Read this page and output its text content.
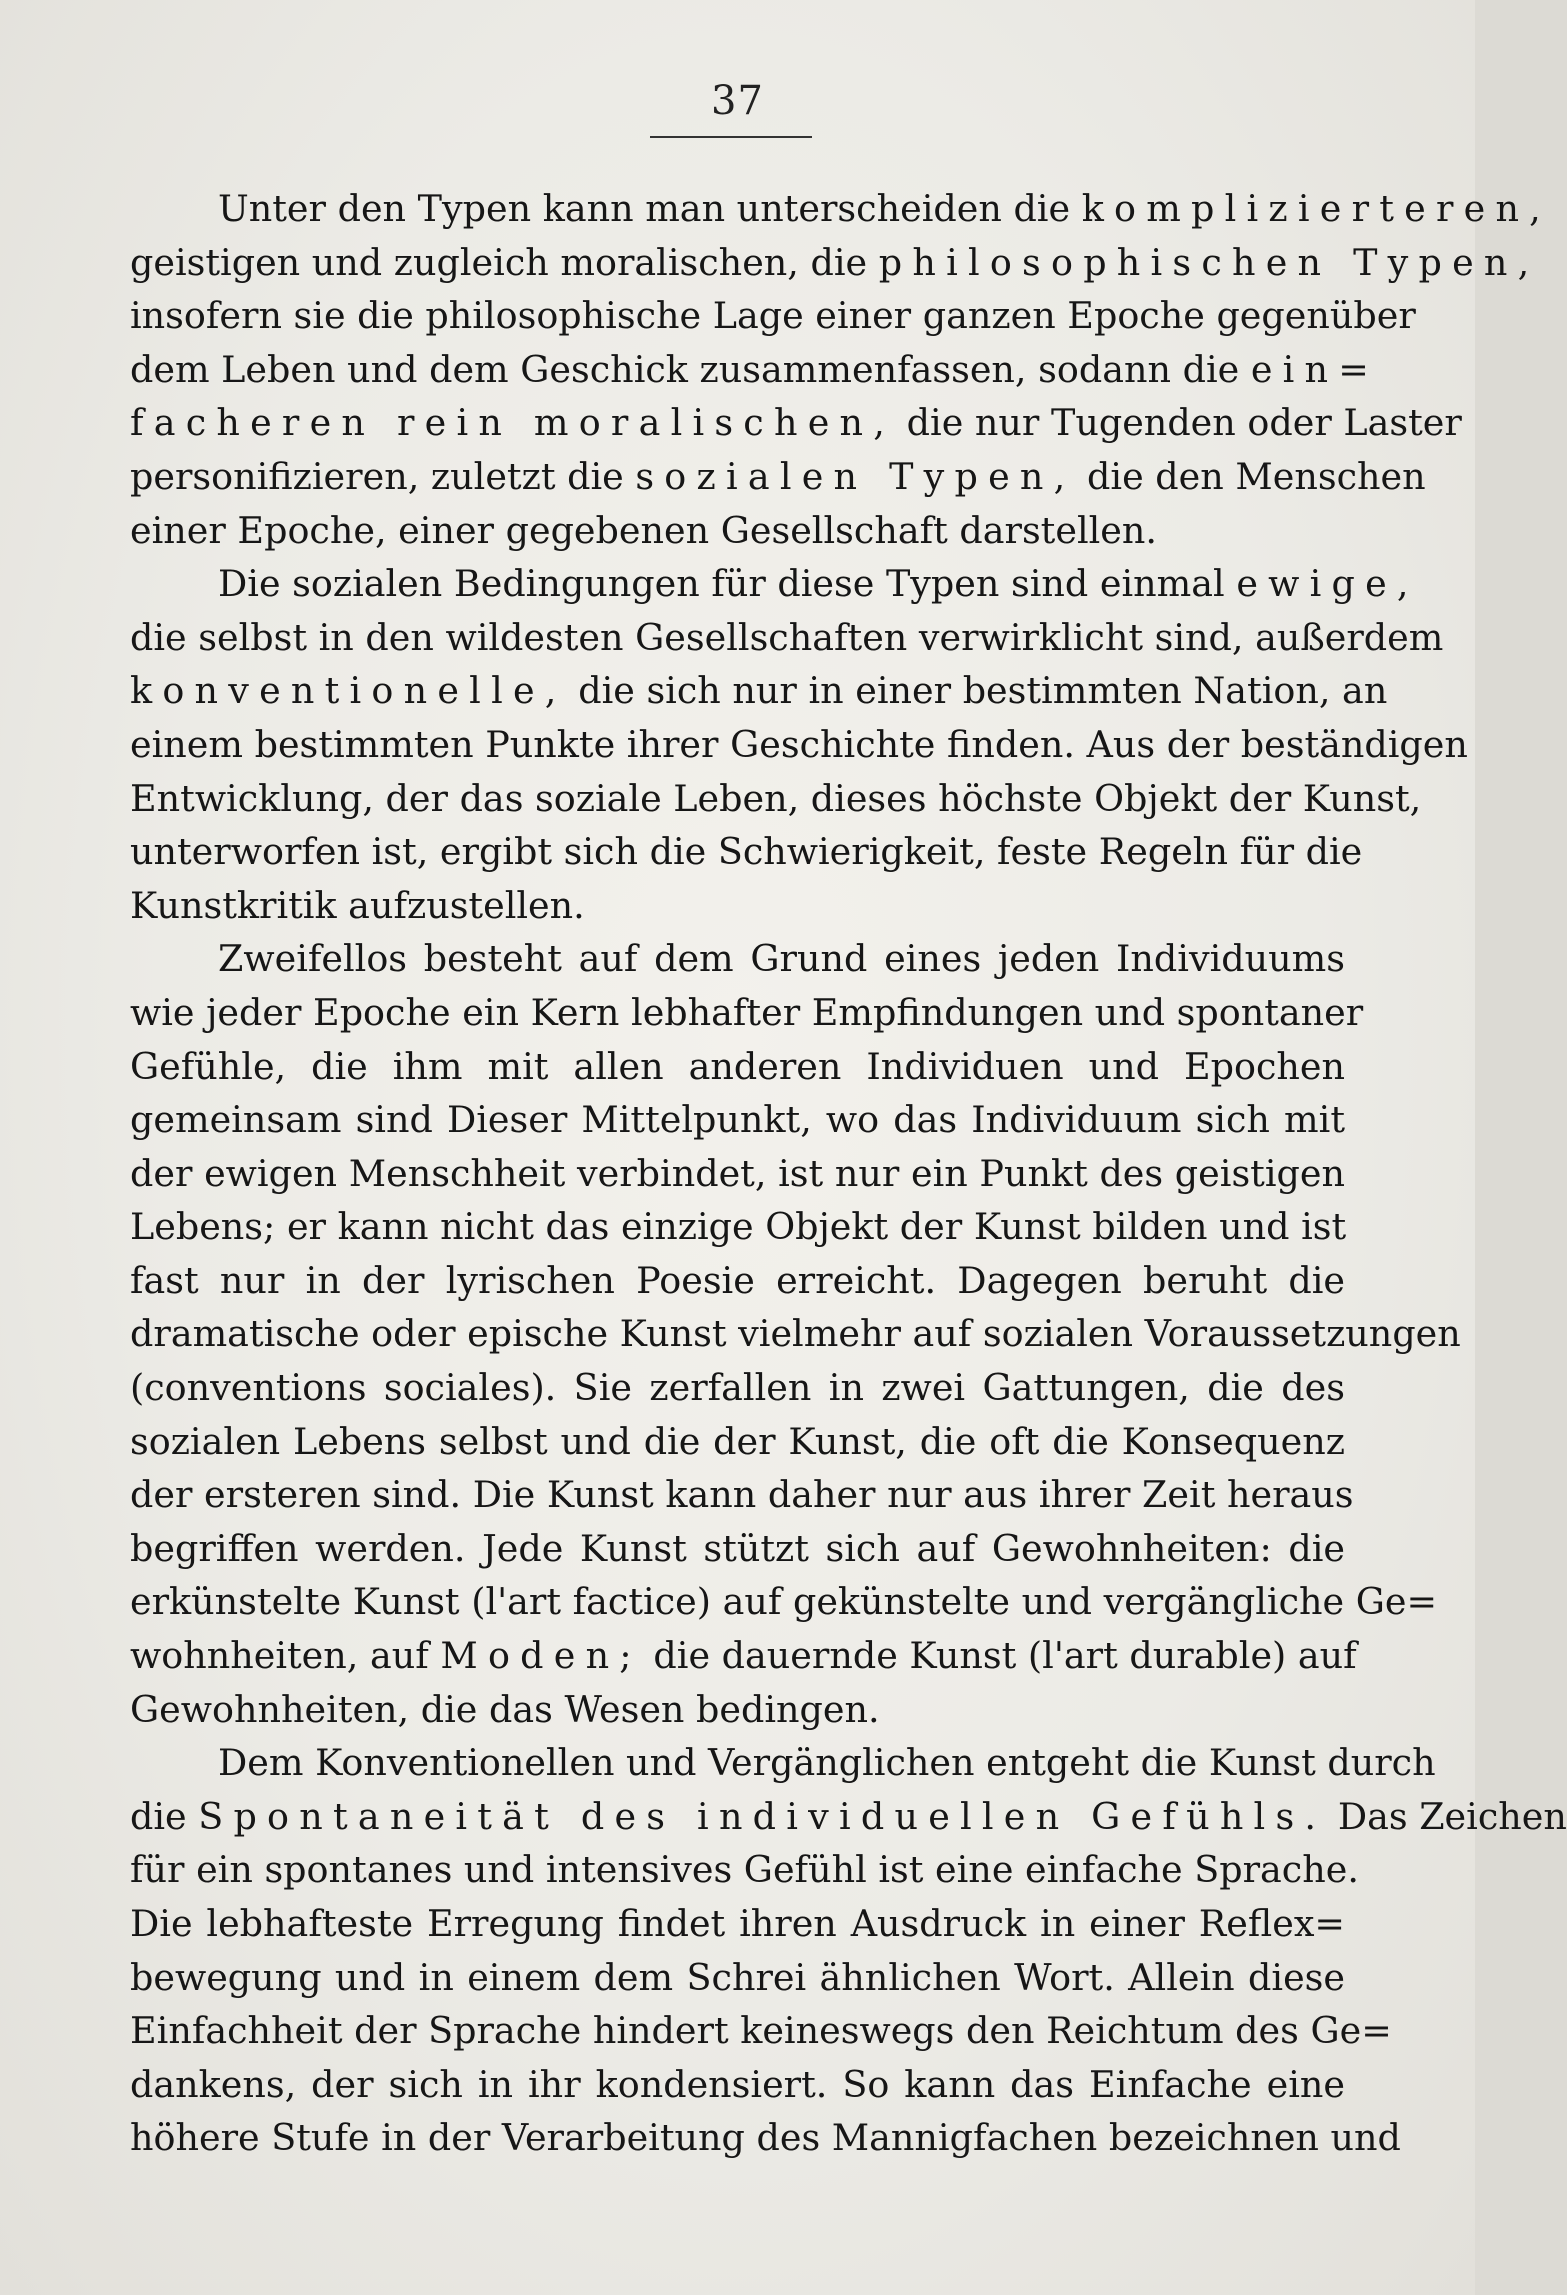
37
Unter den Typen kann man unterscheiden die komplizierteren,
geistigen und zugleich moralischen, die philosophischen Typen,
insofern sie die philosophische Lage einer ganzen Epoche gegenüber
dem Leben und dem Geschick zusammenfassen, sodann die ein=
facheren rein moralischen, die nur Tugenden oder Laster
personifizieren, zuletzt die sozialen Typen, die den Menschen
einer Epoche, einer gegebenen Gesellschaft darstellen.
Die sozialen Bedingungen für diese Typen sind einmal ewige,
die selbst in den wildesten Gesellschaften verwirklicht sind, außerdem
konventionelle, die sich nur in einer bestimmten Nation, an
einem bestimmten Punkte ihrer Geschichte finden. Aus der beständigen
Entwicklung, der das soziale Leben, dieses höchste Objekt der Kunst,
unterworfen ist, ergibt sich die Schwierigkeit, feste Regeln für die
Kunstkritik aufzustellen.
Zweifellos besteht auf dem Grund eines jeden Individuums
wie jeder Epoche ein Kern lebhafter Empfindungen und spontaner
Gefühle, die ihm mit allen anderen Individuen und Epochen
gemeinsam sind Dieser Mittelpunkt, wo das Individuum sich mit
der ewigen Menschheit verbindet, ist nur ein Punkt des geistigen
Lebens; er kann nicht das einzige Objekt der Kunst bilden und ist
fast nur in der lyrischen Poesie erreicht. Dagegen beruht die
dramatische oder epische Kunst vielmehr auf sozialen Voraussetzungen
(conventions sociales). Sie zerfallen in zwei Gattungen, die des
sozialen Lebens selbst und die der Kunst, die oft die Konsequenz
der ersteren sind. Die Kunst kann daher nur aus ihrer Zeit heraus
begriffen werden. Jede Kunst stützt sich auf Gewohnheiten: die
erkünstelte Kunst (l'art factice) auf gekünstelte und vergängliche Ge=
wohnheiten, auf Moden; die dauernde Kunst (l'art durable) auf
Gewohnheiten, die das Wesen bedingen.
Dem Konventionellen und Vergänglichen entgeht die Kunst durch
die Spontaneität des individuellen Gefühls. Das Zeichen
für ein spontanes und intensives Gefühl ist eine einfache Sprache.
Die lebhafteste Erregung findet ihren Ausdruck in einer Reflex=
bewegung und in einem dem Schrei ähnlichen Wort. Allein diese
Einfachheit der Sprache hindert keineswegs den Reichtum des Ge=
dankens, der sich in ihr kondensiert. So kann das Einfache eine
höhere Stufe in der Verarbeitung des Mannigfachen bezeichnen und
